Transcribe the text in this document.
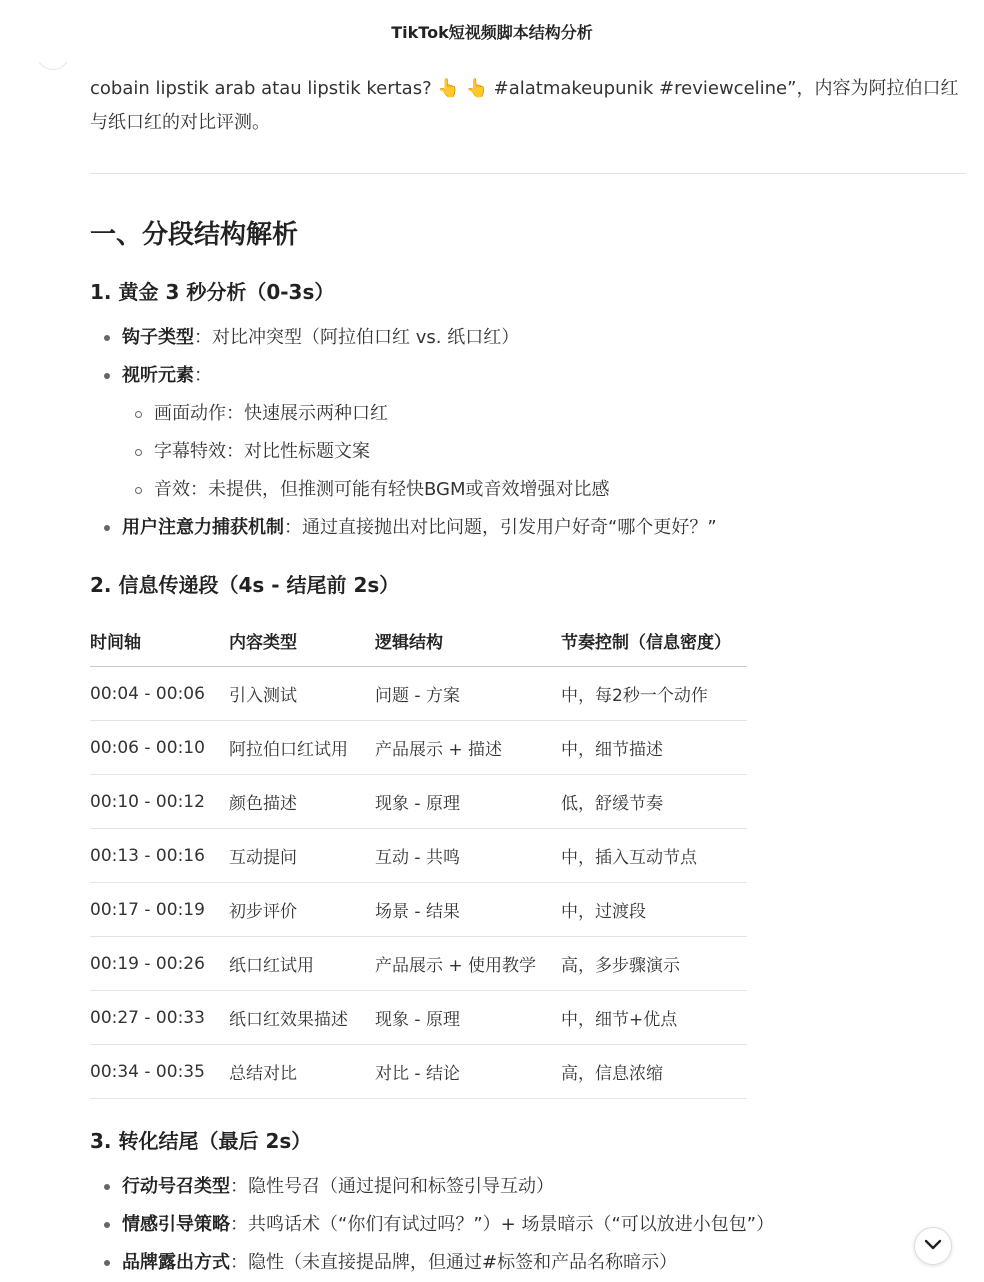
TikTok短视频脚本结构分析
cobain lipstik arab atau lipstik kertas? 👆 👆 #alatmakeupunik #reviewceline”，内容为阿拉伯口红与纸口红的对比评测。
一、分段结构解析
1. 黄金 3 秒分析（0-3s）
钩子类型：对比冲突型（阿拉伯口红 vs. 纸口红）
视听元素：
画面动作：快速展示两种口红
字幕特效：对比性标题文案
音效：未提供，但推测可能有轻快BGM或音效增强对比感
用户注意力捕获机制：通过直接抛出对比问题，引发用户好奇“哪个更好？”
2. 信息传递段（4s - 结尾前 2s）
时间轴	内容类型	逻辑结构	节奏控制（信息密度）
00:04 - 00:06	引入测试	问题 - 方案	中，每2秒一个动作
00:06 - 00:10	阿拉伯口红试用	产品展示 + 描述	中，细节描述
00:10 - 00:12	颜色描述	现象 - 原理	低，舒缓节奏
00:13 - 00:16	互动提问	互动 - 共鸣	中，插入互动节点
00:17 - 00:19	初步评价	场景 - 结果	中，过渡段
00:19 - 00:26	纸口红试用	产品展示 + 使用教学	高，多步骤演示
00:27 - 00:33	纸口红效果描述	现象 - 原理	中，细节+优点
00:34 - 00:35	总结对比	对比 - 结论	高，信息浓缩
3. 转化结尾（最后 2s）
行动号召类型：隐性号召（通过提问和标签引导互动）
情感引导策略：共鸣话术（“你们有试过吗？”）+ 场景暗示（“可以放进小包包”）
品牌露出方式：隐性（未直接提品牌，但通过#标签和产品名称暗示）
